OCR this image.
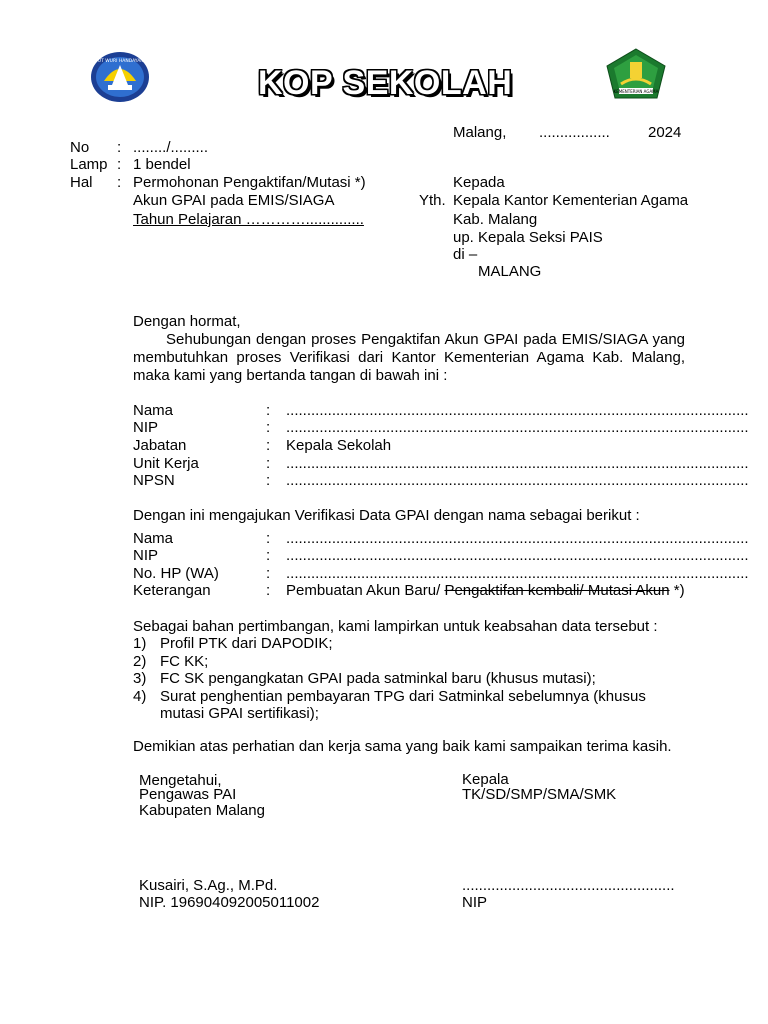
TUT WURI HANDAYANI
KOP SEKOLAH	KEMENTERIAN AGAMA
Malang, .................	2024
No : ......../.........
Lamp : 1 bendel
Hal : Permohonan Pengaktifan/Mutasi *)
Akun GPAI pada EMIS/SIAGA
Tahun Pelajaran …………..............
Kepada
Yth. Kepala Kantor Kementerian Agama
Kab. Malang
up. Kepala Seksi PAIS
di –
MALANG
Dengan hormat,
Sehubungan dengan proses Pengaktifan Akun GPAI pada EMIS/SIAGA yang membutuhkan proses Verifikasi dari Kantor Kementerian Agama Kab. Malang, maka kami yang bertanda tangan di bawah ini :
Nama	: ...............................................................................................................
NIP	: ...............................................................................................................
Jabatan	: Kepala Sekolah
Unit Kerja	: ...............................................................................................................
NPSN	: ...............................................................................................................
Dengan ini mengajukan Verifikasi Data GPAI dengan nama sebagai berikut :
Nama	: ...............................................................................................................
NIP	: ...............................................................................................................
No. HP (WA)	: ...............................................................................................................
Keterangan	: Pembuatan Akun Baru/ Pengaktifan kembali/ Mutasi Akun *)
Sebagai bahan pertimbangan, kami lampirkan untuk keabsahan data tersebut :
1) Profil PTK dari DAPODIK;
2) FC KK;
3) FC SK pengangkatan GPAI pada satminkal baru (khusus mutasi);
4) Surat penghentian pembayaran TPG dari Satminkal sebelumnya (khusus
mutasi GPAI sertifikasi);
Demikian atas perhatian dan kerja sama yang baik kami sampaikan terima kasih.
Mengetahui,
Pengawas PAI
Kabupaten Malang
Kusairi, S.Ag., M.Pd.
NIP. 196904092005011002
Kepala
TK/SD/SMP/SMA/SMK
...................................................
NIP
